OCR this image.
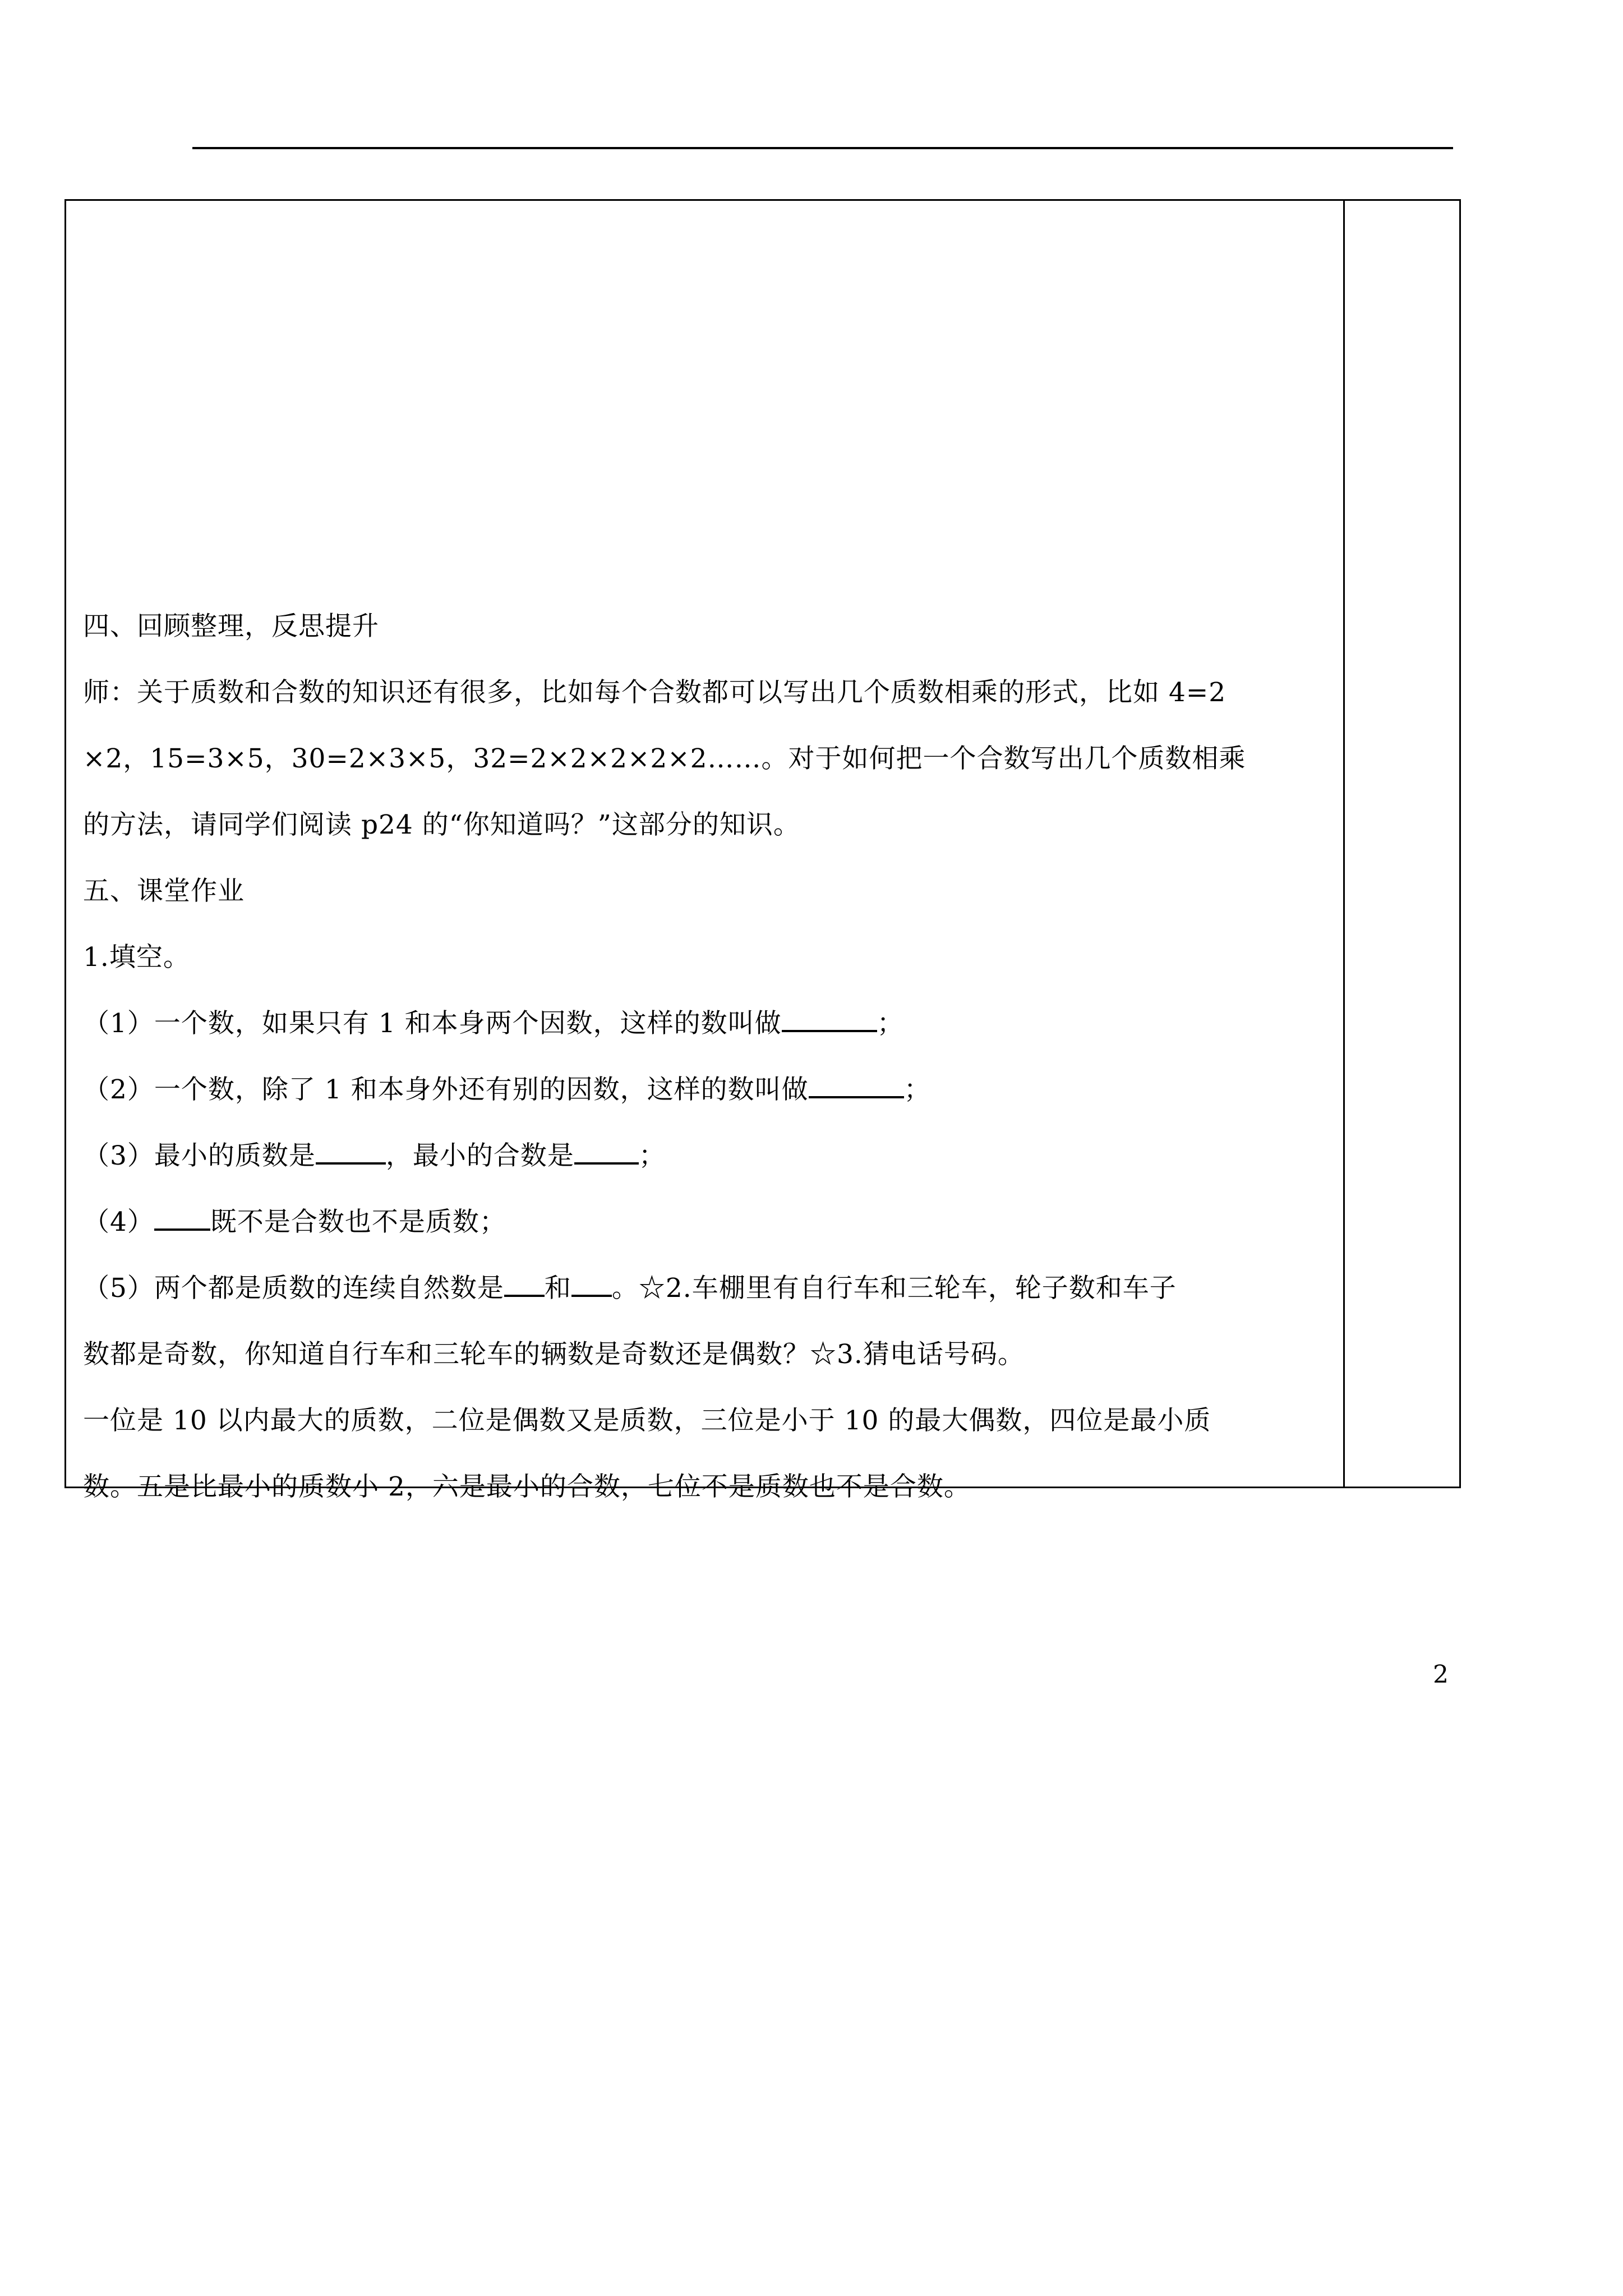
四、回顾整理，反思提升
师：关于质数和合数的知识还有很多，比如每个合数都可以写出几个质数相乘的形式，比如 4=2
×2，15=3×5，30=2×3×5，32=2×2×2×2×2……。对于如何把一个合数写出几个质数相乘
的方法，请同学们阅读 p24 的“你知道吗？”这部分的知识。
五、课堂作业
1.填空。
（1）一个数，如果只有 1 和本身两个因数，这样的数叫做	；
（2）一个数，除了 1 和本身外还有别的因数，这样的数叫做	；
（3）最小的质数是	，最小的合数是 ；
（4） 既不是合数也不是质数；
（5）两个都是质数的连续自然数是 和 。☆2.车棚里有自行车和三轮车，轮子数和车子
数都是奇数，你知道自行车和三轮车的辆数是奇数还是偶数？☆3.猜电话号码。
一位是 10 以内最大的质数，二位是偶数又是质数，三位是小于 10 的最大偶数，四位是最小质
数。五是比最小的质数小 2，六是最小的合数，七位不是质数也不是合数。
2
